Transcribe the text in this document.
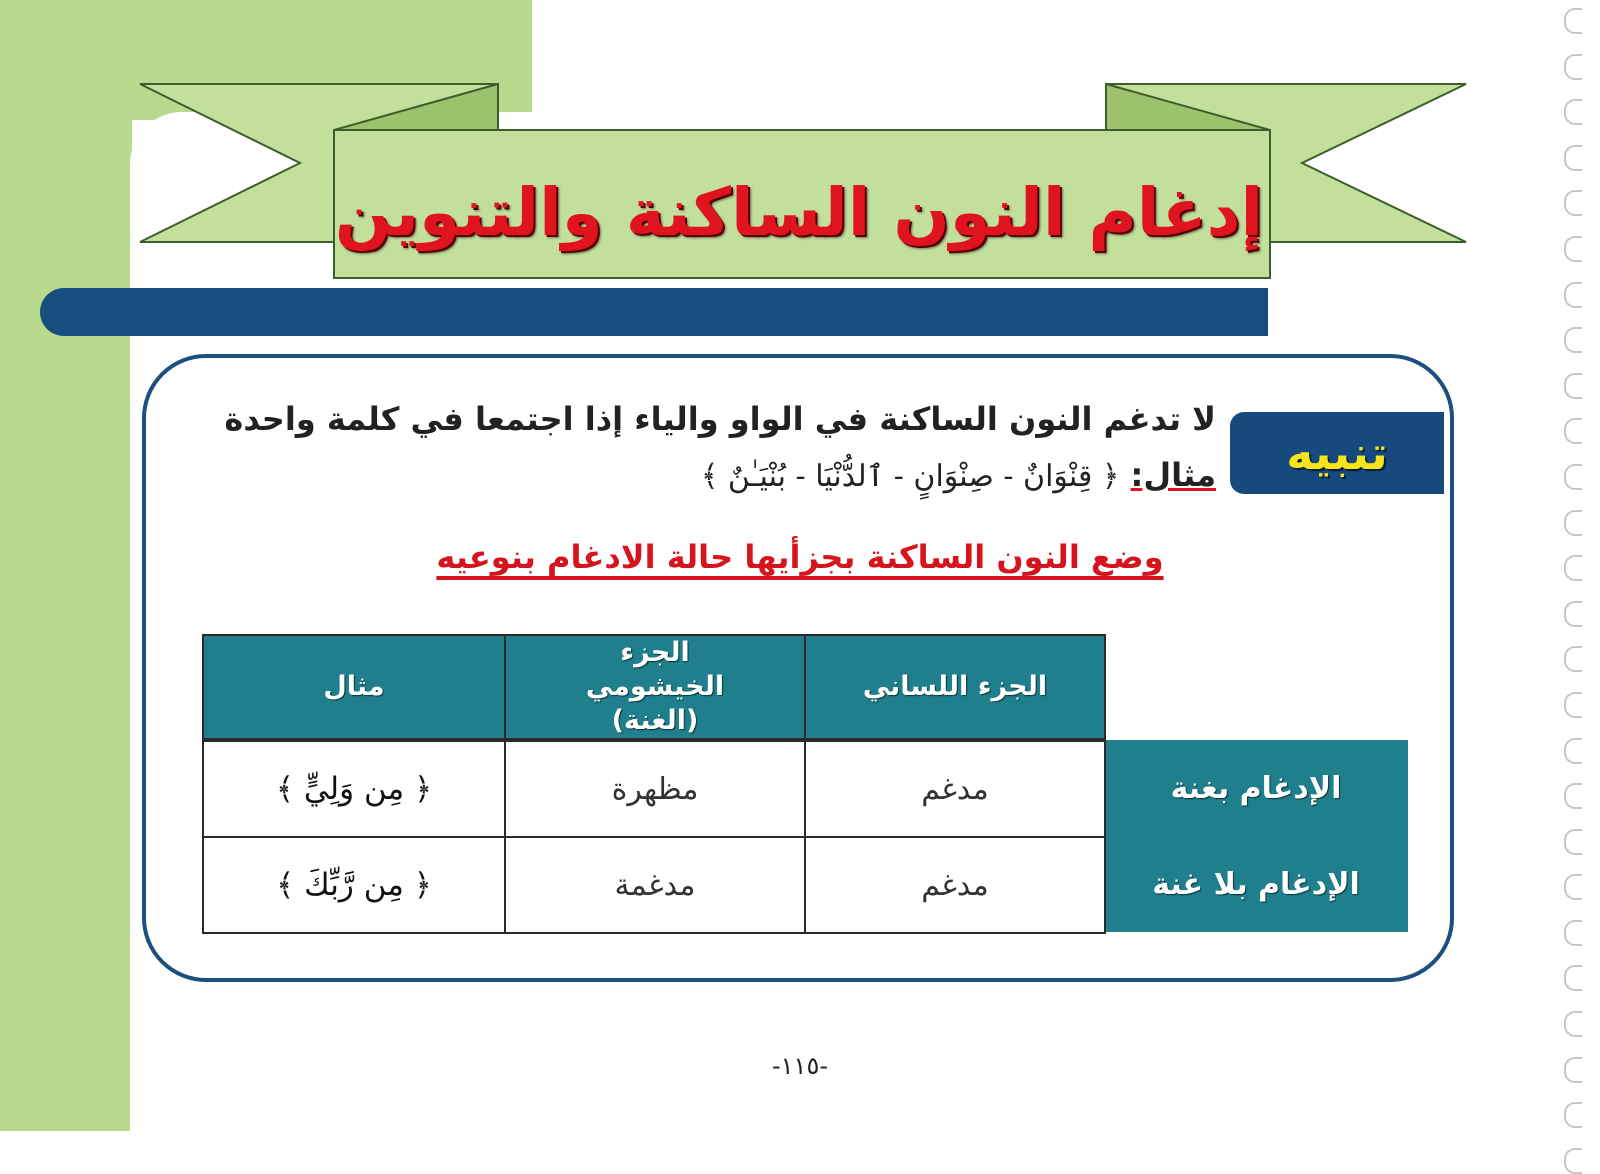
إدغام النون الساكنة والتنوين
تنبيه
لا تدغم النون الساكنة في الواو والياء إذا اجتمعا في كلمة واحدة
مثال: ﴿ قِنْوَانٌ - صِنْوَانٍ - ٱلدُّنْيَا - بُنْيَـٰنٌ ﴾
وضع النون الساكنة بجزأيها حالة الادغام بنوعيه
الجزء اللساني
الجزء الخيشومي (الغنة)
مثال
الإدغام بغنة
الإدغام بلا غنة
مدغم
مظهرة
﴿ مِن وَلِيٍّ ﴾
مدغم
مدغمة
﴿ مِن رَّبِّكَ ﴾
-١١٥-
